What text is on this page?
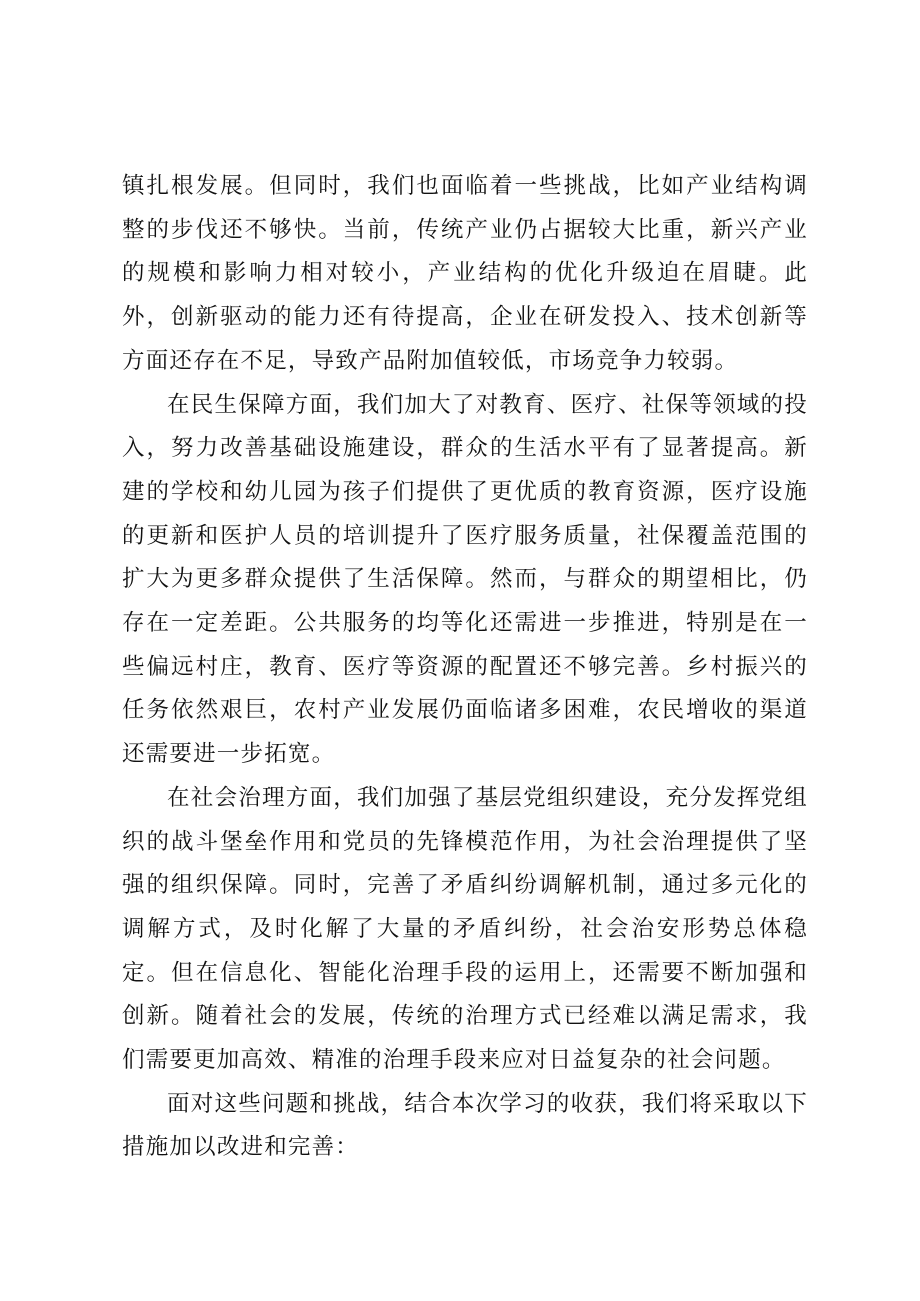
镇扎根发展。但同时，我们也面临着一些挑战，比如产业结构调整的步伐还不够快。当前，传统产业仍占据较大比重，新兴产业的规模和影响力相对较小，产业结构的优化升级迫在眉睫。此外，创新驱动的能力还有待提高，企业在研发投入、技术创新等方面还存在不足，导致产品附加值较低，市场竞争力较弱。

在民生保障方面，我们加大了对教育、医疗、社保等领域的投入，努力改善基础设施建设，群众的生活水平有了显著提高。新建的学校和幼儿园为孩子们提供了更优质的教育资源，医疗设施的更新和医护人员的培训提升了医疗服务质量，社保覆盖范围的扩大为更多群众提供了生活保障。然而，与群众的期望相比，仍存在一定差距。公共服务的均等化还需进一步推进，特别是在一些偏远村庄，教育、医疗等资源的配置还不够完善。乡村振兴的任务依然艰巨，农村产业发展仍面临诸多困难，农民增收的渠道还需要进一步拓宽。

在社会治理方面，我们加强了基层党组织建设，充分发挥党组织的战斗堡垒作用和党员的先锋模范作用，为社会治理提供了坚强的组织保障。同时，完善了矛盾纠纷调解机制，通过多元化的调解方式，及时化解了大量的矛盾纠纷，社会治安形势总体稳定。但在信息化、智能化治理手段的运用上，还需要不断加强和创新。随着社会的发展，传统的治理方式已经难以满足需求，我们需要更加高效、精准的治理手段来应对日益复杂的社会问题。

面对这些问题和挑战，结合本次学习的收获，我们将采取以下措施加以改进和完善：
